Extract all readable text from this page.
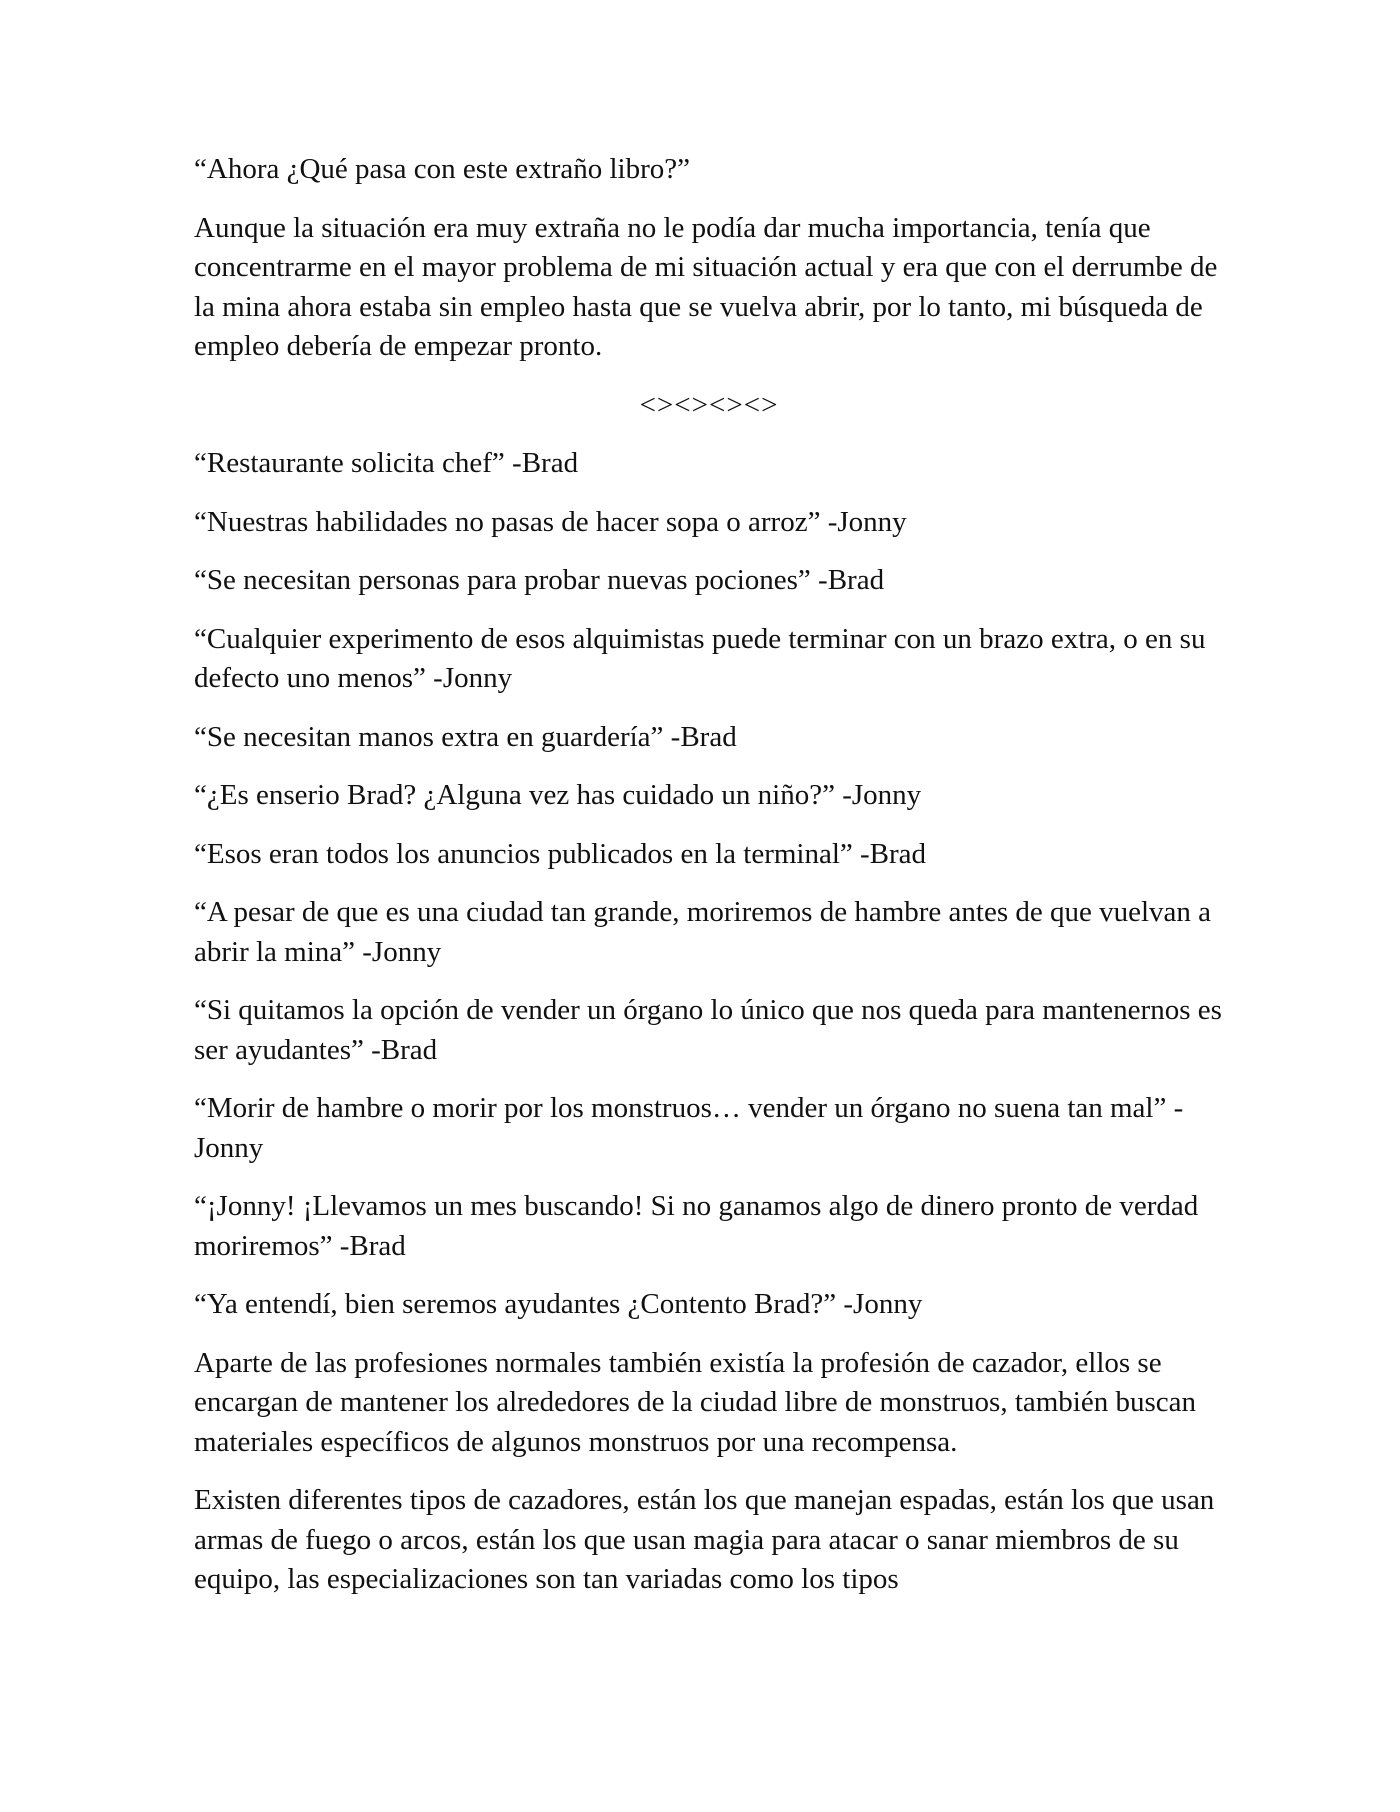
“Ahora ¿Qué pasa con este extraño libro?”

Aunque la situación era muy extraña no le podía dar mucha importancia, tenía que concentrarme en el mayor problema de mi situación actual y era que con el derrumbe de la mina ahora estaba sin empleo hasta que se vuelva abrir, por lo tanto, mi búsqueda de empleo debería de empezar pronto.

<><><><>

“Restaurante solicita chef” -Brad

“Nuestras habilidades no pasas de hacer sopa o arroz” -Jonny

“Se necesitan personas para probar nuevas pociones” -Brad

“Cualquier experimento de esos alquimistas puede terminar con un brazo extra, o en su defecto uno menos” -Jonny

“Se necesitan manos extra en guardería” -Brad

“¿Es enserio Brad? ¿Alguna vez has cuidado un niño?” -Jonny

“Esos eran todos los anuncios publicados en la terminal” -Brad

“A pesar de que es una ciudad tan grande, moriremos de hambre antes de que vuelvan a abrir la mina” -Jonny

“Si quitamos la opción de vender un órgano lo único que nos queda para mantenernos es ser ayudantes” -Brad

“Morir de hambre o morir por los monstruos… vender un órgano no suena tan mal” -Jonny

“¡Jonny! ¡Llevamos un mes buscando! Si no ganamos algo de dinero pronto de verdad moriremos” -Brad

“Ya entendí, bien seremos ayudantes ¿Contento Brad?” -Jonny

Aparte de las profesiones normales también existía la profesión de cazador, ellos se encargan de mantener los alrededores de la ciudad libre de monstruos, también buscan materiales específicos de algunos monstruos por una recompensa.

Existen diferentes tipos de cazadores, están los que manejan espadas, están los que usan armas de fuego o arcos, están los que usan magia para atacar o sanar miembros de su equipo, las especializaciones son tan variadas como los tipos
